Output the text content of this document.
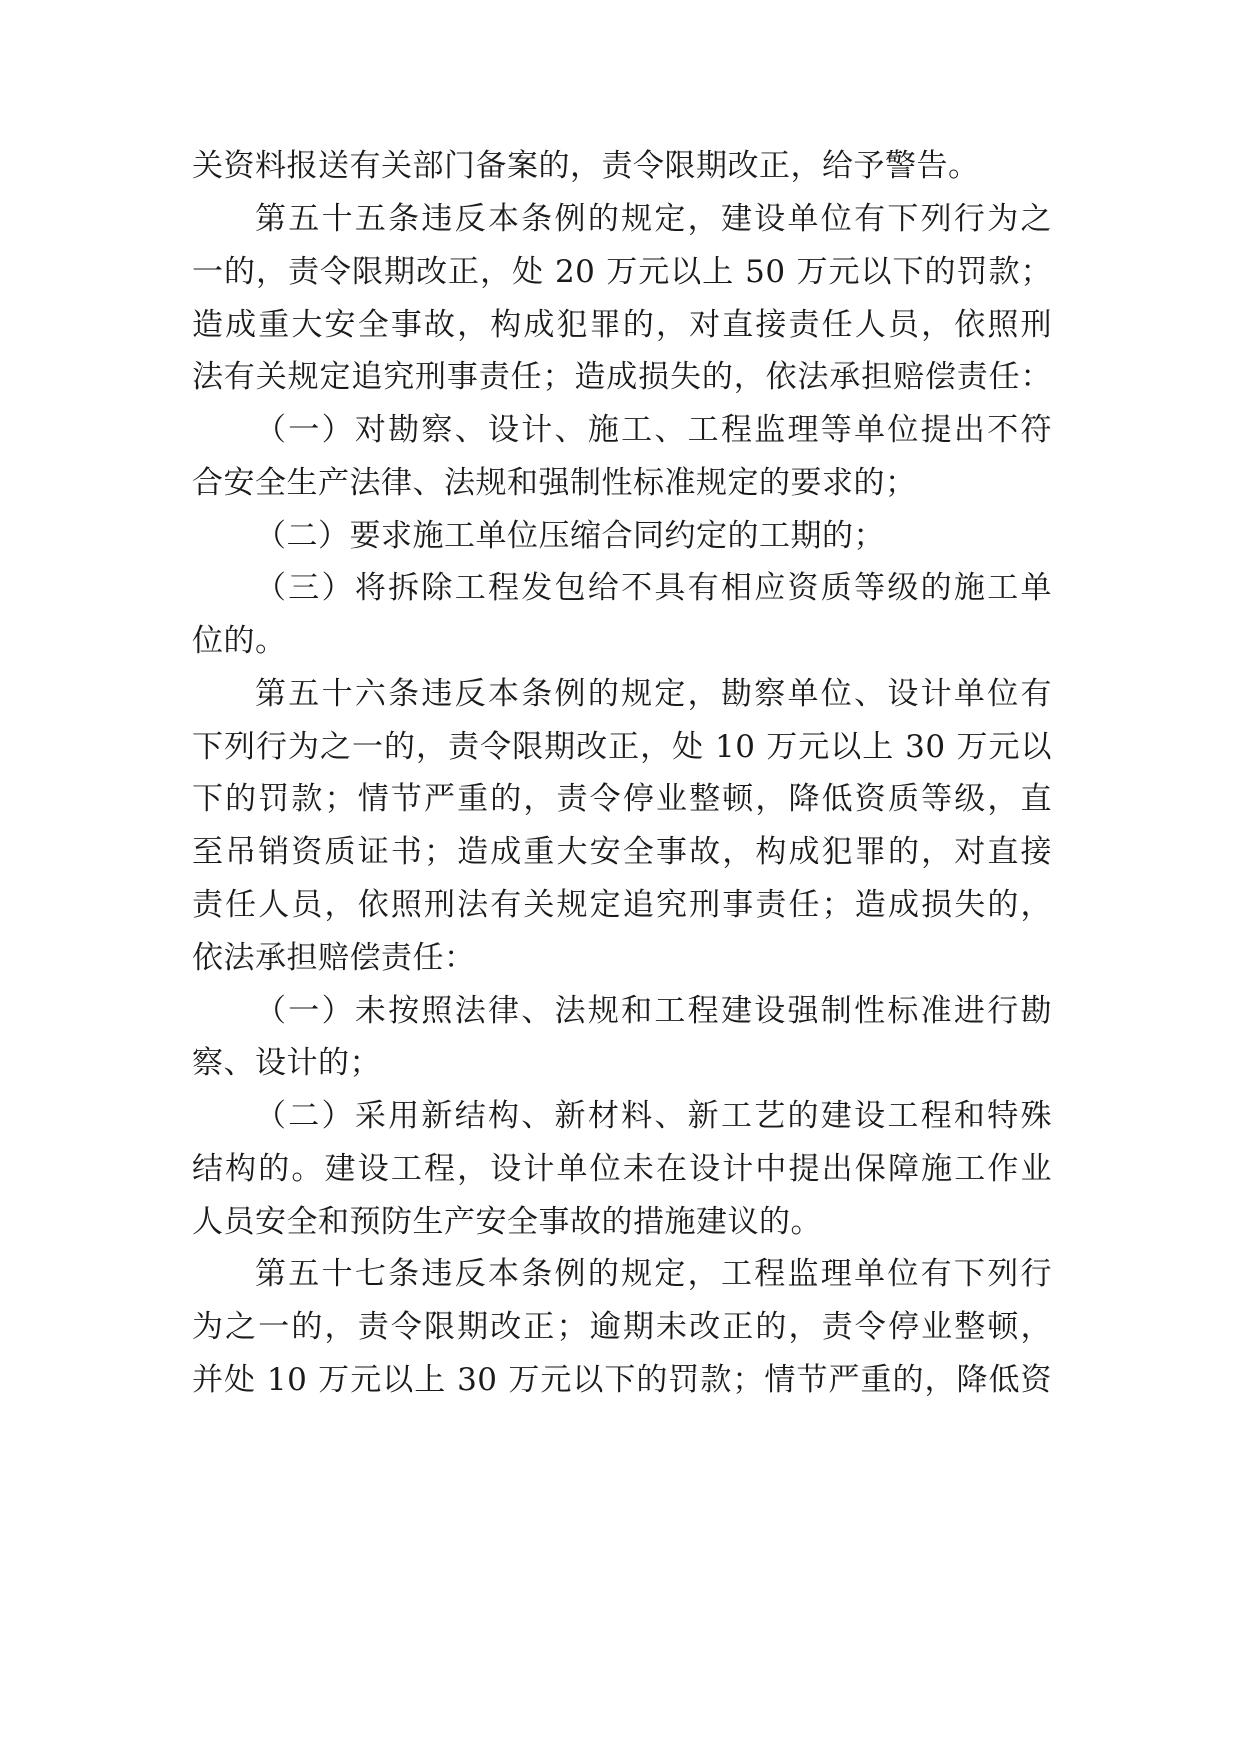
关资料报送有关部门备案的，责令限期改正，给予警告。
第五十五条违反本条例的规定，建设单位有下列行为之
一的，责令限期改正，处 20 万元以上 50 万元以下的罚款；
造成重大安全事故，构成犯罪的，对直接责任人员，依照刑
法有关规定追究刑事责任；造成损失的，依法承担赔偿责任：
（一）对勘察、设计、施工、工程监理等单位提出不符
合安全生产法律、法规和强制性标准规定的要求的；
（二）要求施工单位压缩合同约定的工期的；
（三）将拆除工程发包给不具有相应资质等级的施工单
位的。
第五十六条违反本条例的规定，勘察单位、设计单位有
下列行为之一的，责令限期改正，处 10 万元以上 30 万元以
下的罚款；情节严重的，责令停业整顿，降低资质等级，直
至吊销资质证书；造成重大安全事故，构成犯罪的，对直接
责任人员，依照刑法有关规定追究刑事责任；造成损失的，
依法承担赔偿责任：
（一）未按照法律、法规和工程建设强制性标准进行勘
察、设计的；
（二）采用新结构、新材料、新工艺的建设工程和特殊
结构的。建设工程，设计单位未在设计中提出保障施工作业
人员安全和预防生产安全事故的措施建议的。
第五十七条违反本条例的规定，工程监理单位有下列行
为之一的，责令限期改正；逾期未改正的，责令停业整顿，
并处 10 万元以上 30 万元以下的罚款；情节严重的，降低资
